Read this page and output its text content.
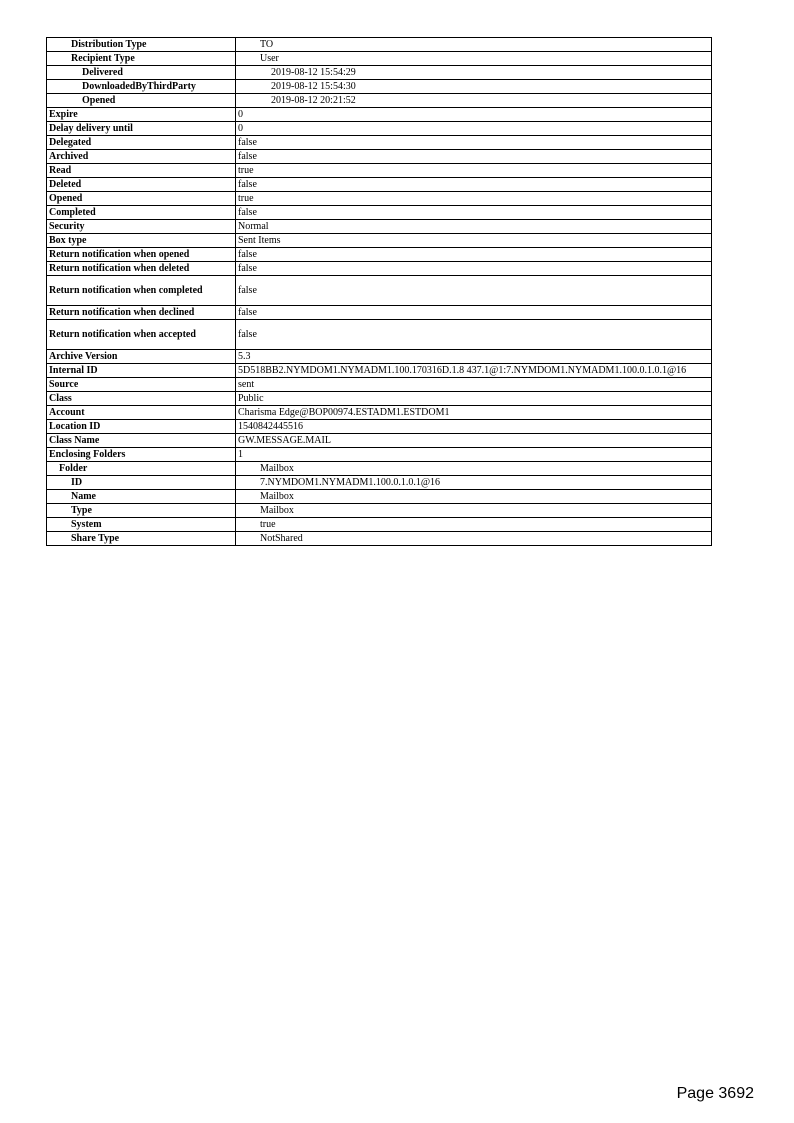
Distribution Type	TO
Recipient Type	User
Delivered	2019-08-12 15:54:29
DownloadedByThirdParty	2019-08-12 15:54:30
Opened	2019-08-12 20:21:52
Expire	0
Delay delivery until	0
Delegated	false
Archived	false
Read	true
Deleted	false
Opened	true
Completed	false
Security	Normal
Box type	Sent Items
Return notification when opened	false
Return notification when deleted	false
Return notification when completed	false
Return notification when declined	false
Return notification when accepted	false
Archive Version	5.3
Internal ID	5D518BB2.NYMDOM1.NYMADM1.100.170316D.1.8 437.1@1:7.NYMDOM1.NYMADM1.100.0.1.0.1@16
Source	sent
Class	Public
Account	Charisma Edge@BOP00974.ESTADM1.ESTDOM1
Location ID	1540842445516
Class Name	GW.MESSAGE.MAIL
Enclosing Folders	1
Folder	Mailbox
ID	7.NYMDOM1.NYMADM1.100.0.1.0.1@16
Name	Mailbox
Type	Mailbox
System	true
Share Type	NotShared
Page 3692
